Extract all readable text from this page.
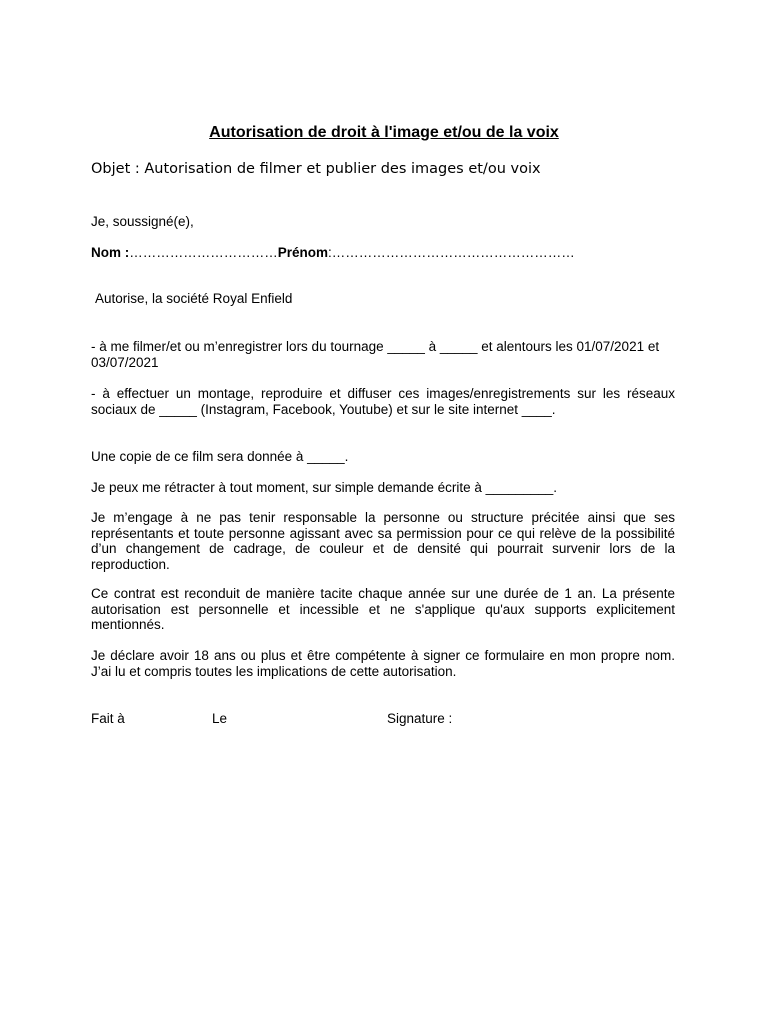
Autorisation de droit à l'image et/ou de la voix
Objet : Autorisation de filmer et publier des images et/ou voix
Je, soussigné(e),
Nom :……………………………Prénom:………………………………………………
Autorise, la société Royal Enfield
- à me filmer/et ou m’enregistrer lors du tournage _____ à _____ et alentours les 01/07/2021 et 03/07/2021
- à effectuer un montage, reproduire et diffuser ces images/enregistrements sur les réseaux sociaux de _____ (Instagram, Facebook, Youtube) et sur le site internet ____.
Une copie de ce film sera donnée à _____.
Je peux me rétracter à tout moment, sur simple demande écrite à _________.
Je m’engage à ne pas tenir responsable la personne ou structure précitée ainsi que ses représentants et toute personne agissant avec sa permission pour ce qui relève de la possibilité d’un changement de cadrage, de couleur et de densité qui pourrait survenir lors de la reproduction.
Ce contrat est reconduit de manière tacite chaque année sur une durée de 1 an. La présente autorisation est personnelle et incessible et ne s'applique qu'aux supports explicitement mentionnés.
Je déclare avoir 18 ans ou plus et être compétente à signer ce formulaire en mon propre nom. J’ai lu et compris toutes les implications de cette autorisation.
Fait à	Le	Signature :
